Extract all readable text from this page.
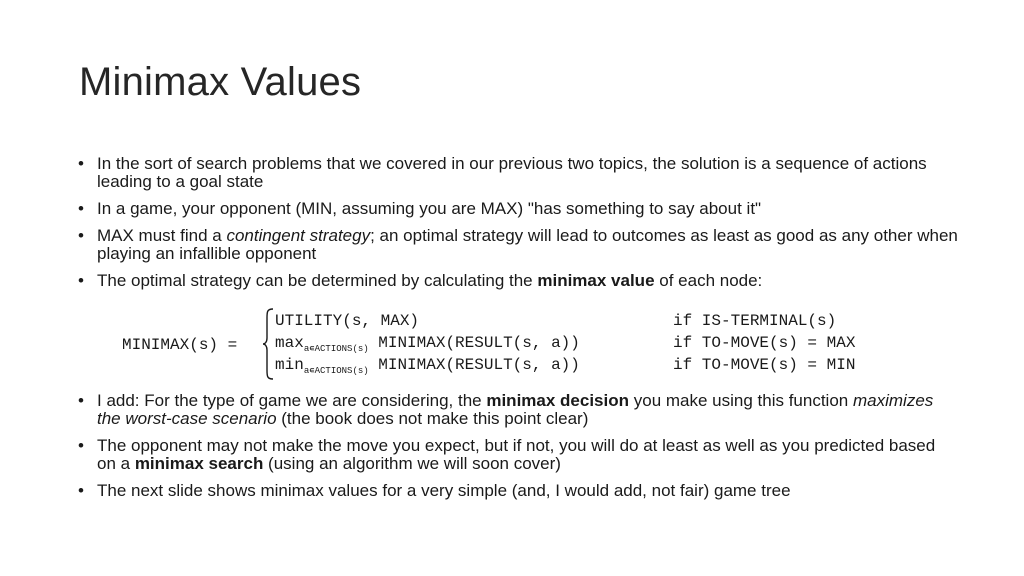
Minimax Values
• In the sort of search problems that we covered in our previous two topics, the solution is a sequence of actions leading to a goal state
• In a game, your opponent (MIN, assuming you are MAX) "has something to say about it"
• MAX must find a contingent strategy; an optimal strategy will lead to outcomes as least as good as any other when playing an infallible opponent
• The optimal strategy can be determined by calculating the minimax value of each node:
MINIMAX(s) =
UTILITY(s, MAX)
$\max_{a∊ACTIONS(s)}$ MINIMAX(RESULT(s, a))
$\min_{a∊ACTIONS(s)}$ MINIMAX(RESULT(s, a))
if IS-TERMINAL(s)
if TO-MOVE(s) = MAX
if TO-MOVE(s) = MIN
• I add: For the type of game we are considering, the minimax decision you make using this function maximizes the worst-case scenario (the book does not make this point clear)
• The opponent may not make the move you expect, but if not, you will do at least as well as you predicted based on a minimax search (using an algorithm we will soon cover)
• The next slide shows minimax values for a very simple (and, I would add, not fair) game tree
